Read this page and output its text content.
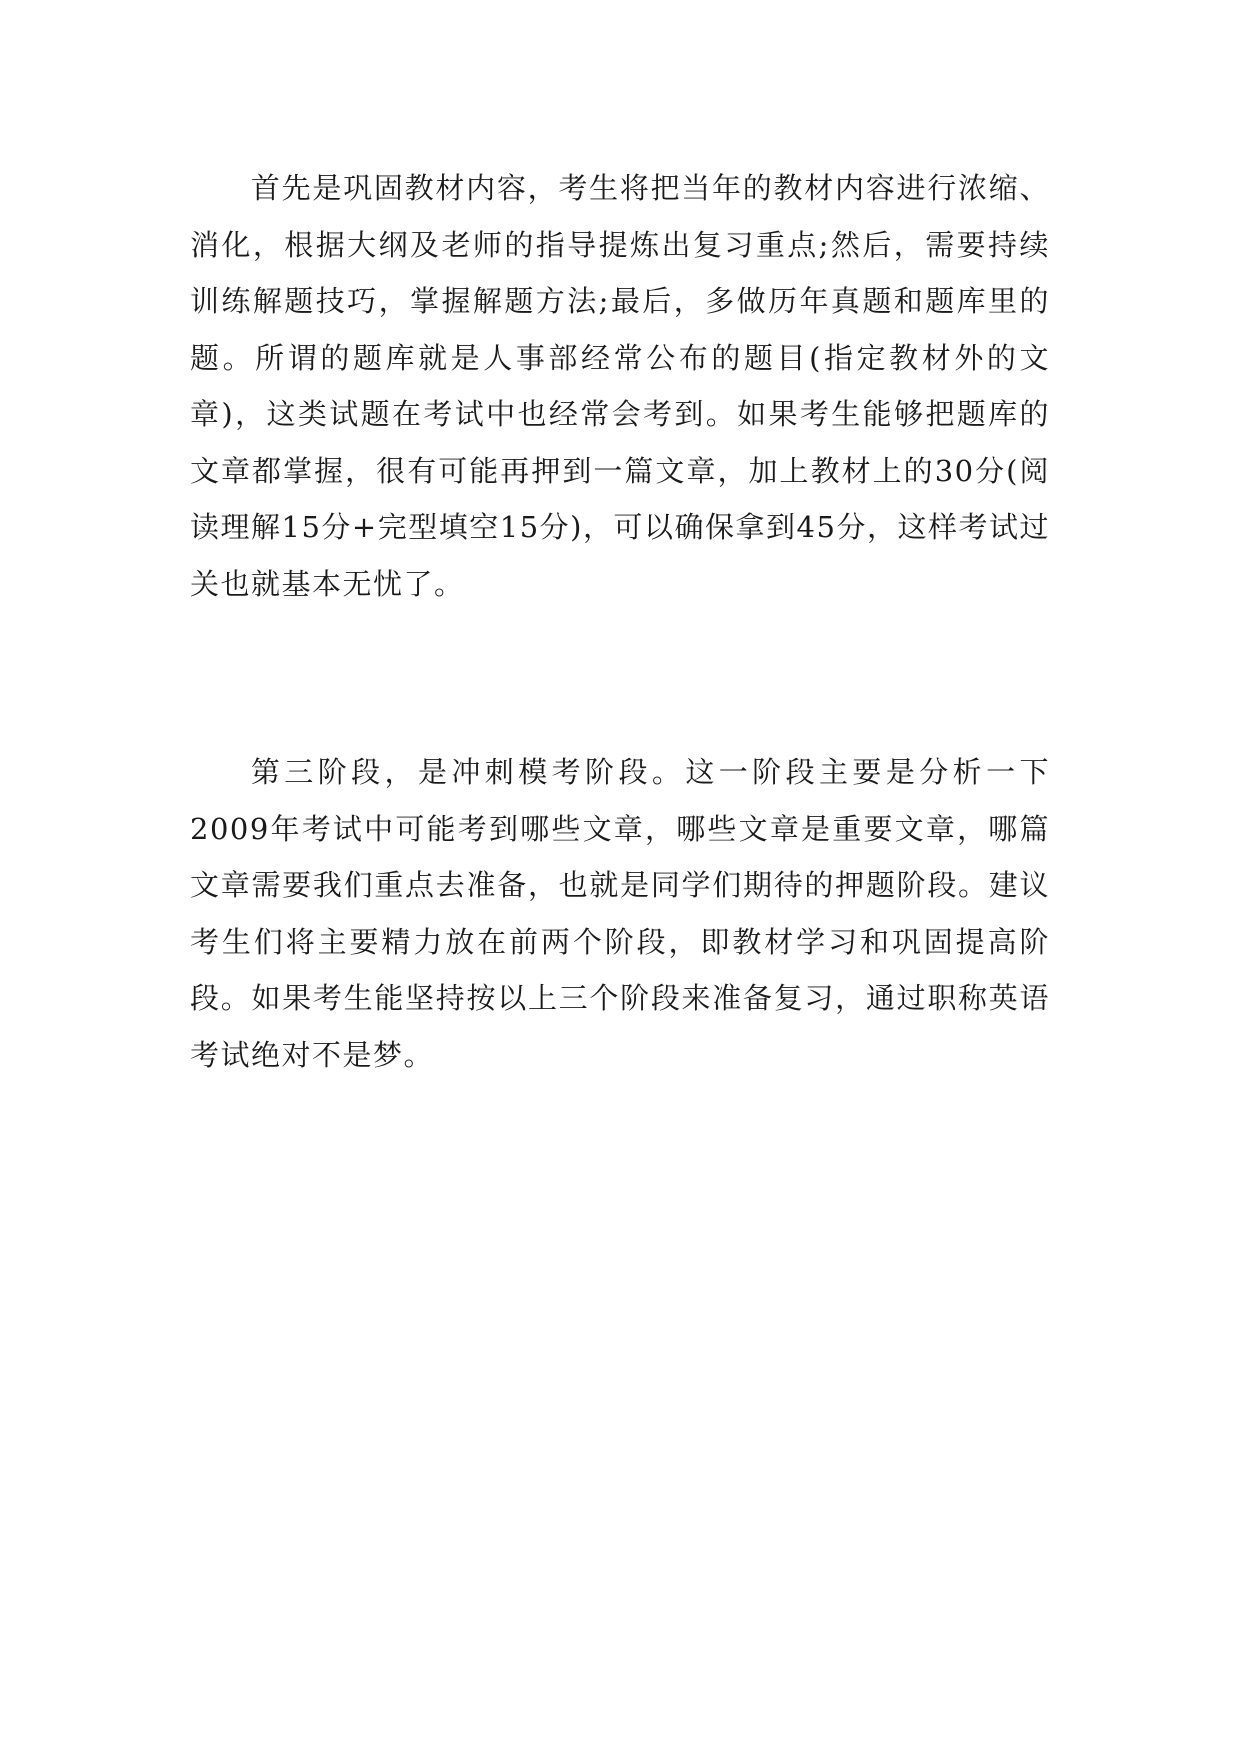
首先是巩固教材内容，考生将把当年的教材内容进行浓缩、消化，根据大纲及老师的指导提炼出复习重点;然后，需要持续训练解题技巧，掌握解题方法;最后，多做历年真题和题库里的题。所谓的题库就是人事部经常公布的题目(指定教材外的文章)，这类试题在考试中也经常会考到。如果考生能够把题库的文章都掌握，很有可能再押到一篇文章，加上教材上的30分(阅读理解15分+完型填空15分)，可以确保拿到45分，这样考试过关也就基本无忧了。

第三阶段，是冲刺模考阶段。这一阶段主要是分析一下2009年考试中可能考到哪些文章，哪些文章是重要文章，哪篇文章需要我们重点去准备，也就是同学们期待的押题阶段。建议考生们将主要精力放在前两个阶段，即教材学习和巩固提高阶段。如果考生能坚持按以上三个阶段来准备复习，通过职称英语考试绝对不是梦。
